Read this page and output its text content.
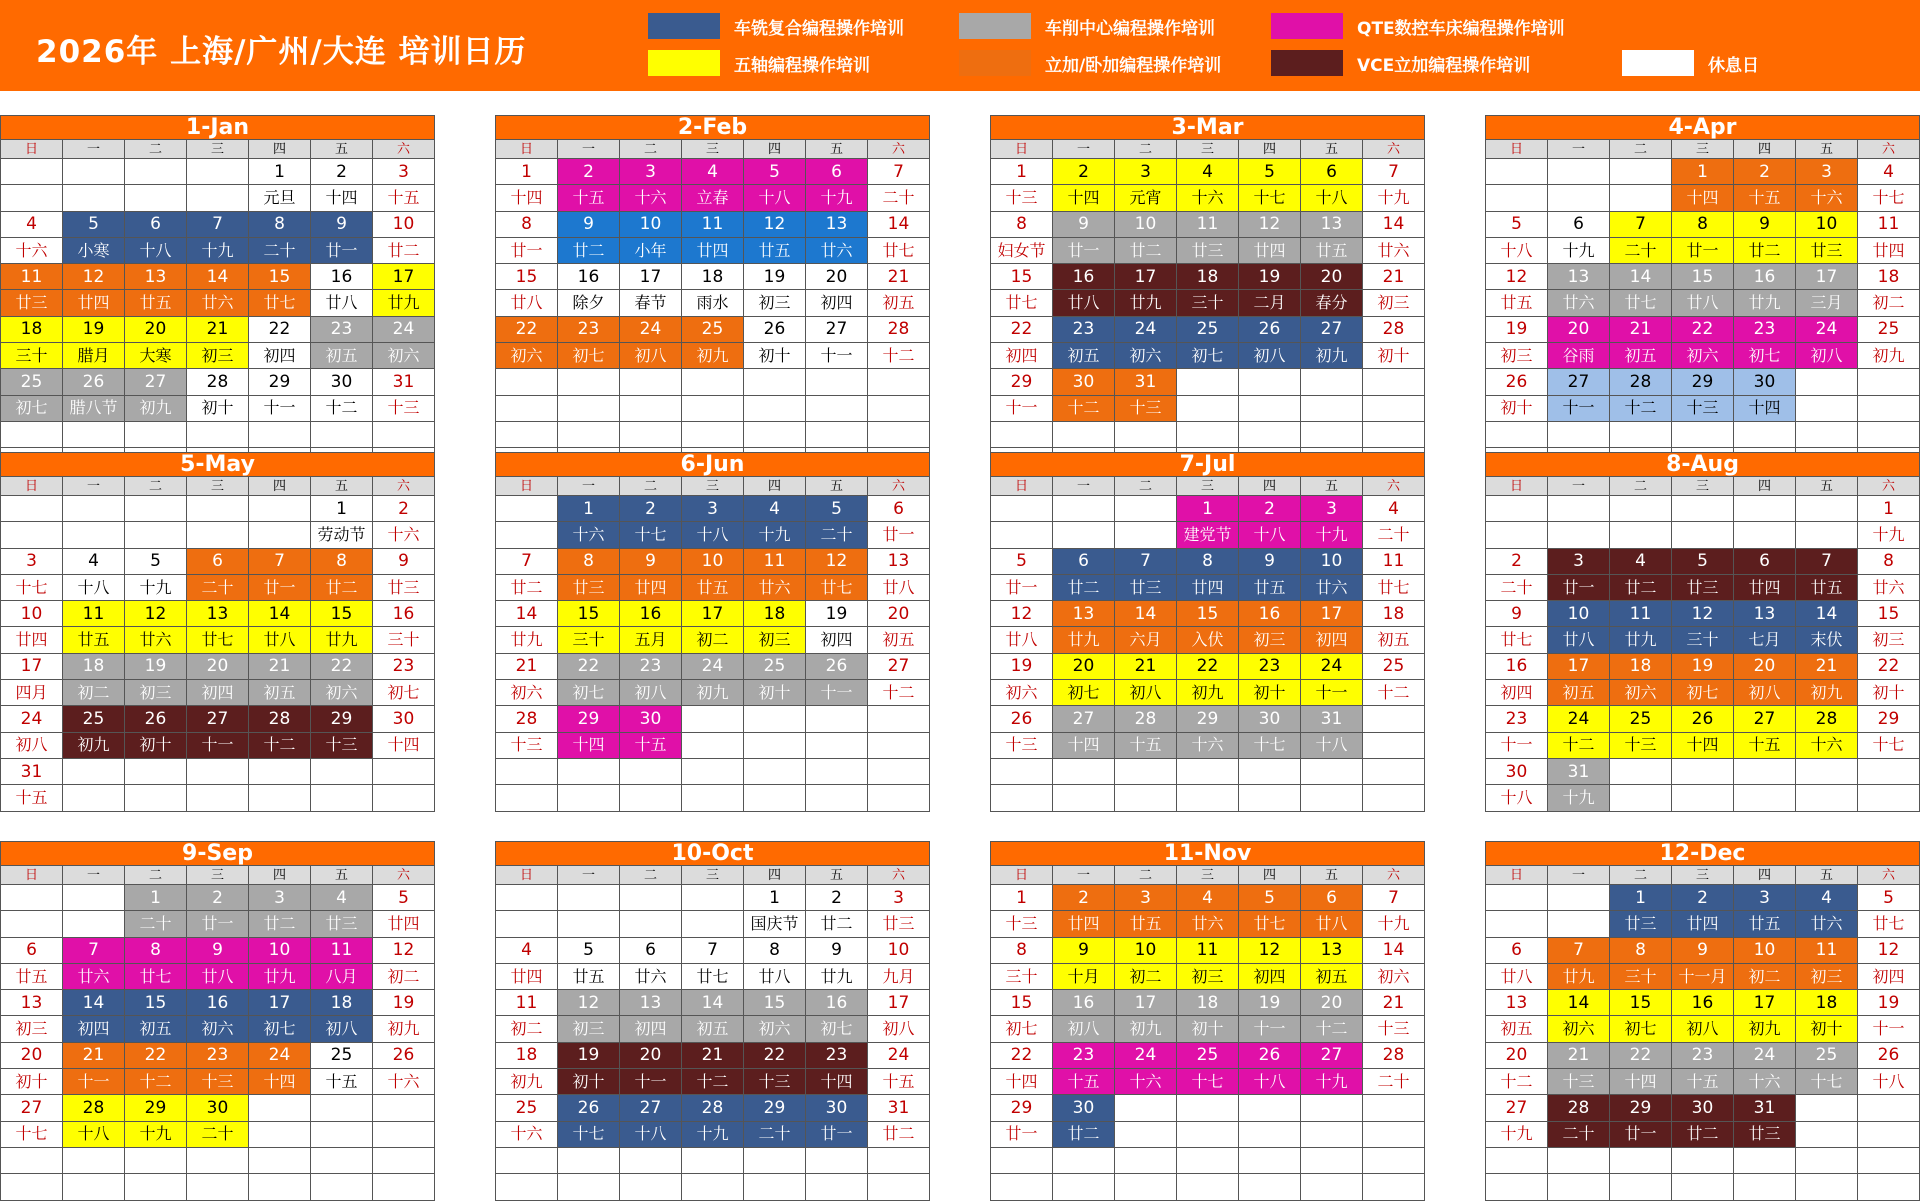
2026年 上海/广州/大连 培训日历
车铣复合编程操作培训	车削中心编程操作培训	QTE数控车床编程操作培训
五轴编程操作培训	立加/卧加编程操作培训	VCE立加编程操作培训	休息日
1-Jan
日	一	二	三	四	五	六
				1	2	3
				元旦	十四	十五
4	5	6	7	8	9	10
十六	小寒	十八	十九	二十	廿一	廿二
11	12	13	14	15	16	17
廿三	廿四	廿五	廿六	廿七	廿八	廿九
18	19	20	21	22	23	24
三十	腊月	大寒	初三	初四	初五	初六
25	26	27	28	29	30	31
初七	腊八节	初九	初十	十一	十二	十三

2-Feb
日	一	二	三	四	五	六
1	2	3	4	5	6	7
十四	十五	十六	立春	十八	十九	二十
8	9	10	11	12	13	14
廿一	廿二	小年	廿四	廿五	廿六	廿七
15	16	17	18	19	20	21
廿八	除夕	春节	雨水	初三	初四	初五
22	23	24	25	26	27	28
初六	初七	初八	初九	初十	十一	十二

3-Mar
日	一	二	三	四	五	六
1	2	3	4	5	6	7
十三	十四	元宵	十六	十七	十八	十九
8	9	10	11	12	13	14
妇女节	廿一	廿二	廿三	廿四	廿五	廿六
15	16	17	18	19	20	21
廿七	廿八	廿九	三十	二月	春分	初三
22	23	24	25	26	27	28
初四	初五	初六	初七	初八	初九	初十
29	30	31				
十一	十二	十三				

4-Apr
日	一	二	三	四	五	六
			1	2	3	4
			十四	十五	十六	十七
5	6	7	8	9	10	11
十八	十九	二十	廿一	廿二	廿三	廿四
12	13	14	15	16	17	18
廿五	廿六	廿七	廿八	廿九	三月	初二
19	20	21	22	23	24	25
初三	谷雨	初五	初六	初七	初八	初九
26	27	28	29	30		
初十	十一	十二	十三	十四		

5-May
日	一	二	三	四	五	六
					1	2
					劳动节	十六
3	4	5	6	7	8	9
十七	十八	十九	二十	廿一	廿二	廿三
10	11	12	13	14	15	16
廿四	廿五	廿六	廿七	廿八	廿九	三十
17	18	19	20	21	22	23
四月	初二	初三	初四	初五	初六	初七
24	25	26	27	28	29	30
初八	初九	初十	十一	十二	十三	十四
31						
十五						
6-Jun
日	一	二	三	四	五	六
	1	2	3	4	5	6
	十六	十七	十八	十九	二十	廿一
7	8	9	10	11	12	13
廿二	廿三	廿四	廿五	廿六	廿七	廿八
14	15	16	17	18	19	20
廿九	三十	五月	初二	初三	初四	初五
21	22	23	24	25	26	27
初六	初七	初八	初九	初十	十一	十二
28	29	30				
十三	十四	十五				

7-Jul
日	一	二	三	四	五	六
			1	2	3	4
			建党节	十八	十九	二十
5	6	7	8	9	10	11
廿一	廿二	廿三	廿四	廿五	廿六	廿七
12	13	14	15	16	17	18
廿八	廿九	六月	入伏	初三	初四	初五
19	20	21	22	23	24	25
初六	初七	初八	初九	初十	十一	十二
26	27	28	29	30	31	
十三	十四	十五	十六	十七	十八	

8-Aug
日	一	二	三	四	五	六
						1
						十九
2	3	4	5	6	7	8
二十	廿一	廿二	廿三	廿四	廿五	廿六
9	10	11	12	13	14	15
廿七	廿八	廿九	三十	七月	末伏	初三
16	17	18	19	20	21	22
初四	初五	初六	初七	初八	初九	初十
23	24	25	26	27	28	29
十一	十二	十三	十四	十五	十六	十七
30	31					
十八	十九					
9-Sep
日	一	二	三	四	五	六
		1	2	3	4	5
		二十	廿一	廿二	廿三	廿四
6	7	8	9	10	11	12
廿五	廿六	廿七	廿八	廿九	八月	初二
13	14	15	16	17	18	19
初三	初四	初五	初六	初七	初八	初九
20	21	22	23	24	25	26
初十	十一	十二	十三	十四	十五	十六
27	28	29	30			
十七	十八	十九	二十			

10-Oct
日	一	二	三	四	五	六
				1	2	3
				国庆节	廿二	廿三
4	5	6	7	8	9	10
廿四	廿五	廿六	廿七	廿八	廿九	九月
11	12	13	14	15	16	17
初二	初三	初四	初五	初六	初七	初八
18	19	20	21	22	23	24
初九	初十	十一	十二	十三	十四	十五
25	26	27	28	29	30	31
十六	十七	十八	十九	二十	廿一	廿二

11-Nov
日	一	二	三	四	五	六
1	2	3	4	5	6	7
十三	廿四	廿五	廿六	廿七	廿八	十九
8	9	10	11	12	13	14
三十	十月	初二	初三	初四	初五	初六
15	16	17	18	19	20	21
初七	初八	初九	初十	十一	十二	十三
22	23	24	25	26	27	28
十四	十五	十六	十七	十八	十九	二十
29	30					
廿一	廿二					

12-Dec
日	一	二	三	四	五	六
		1	2	3	4	5
		廿三	廿四	廿五	廿六	廿七
6	7	8	9	10	11	12
廿八	廿九	三十	十一月	初二	初三	初四
13	14	15	16	17	18	19
初五	初六	初七	初八	初九	初十	十一
20	21	22	23	24	25	26
十二	十三	十四	十五	十六	十七	十八
27	28	29	30	31		
十九	二十	廿一	廿二	廿三		
